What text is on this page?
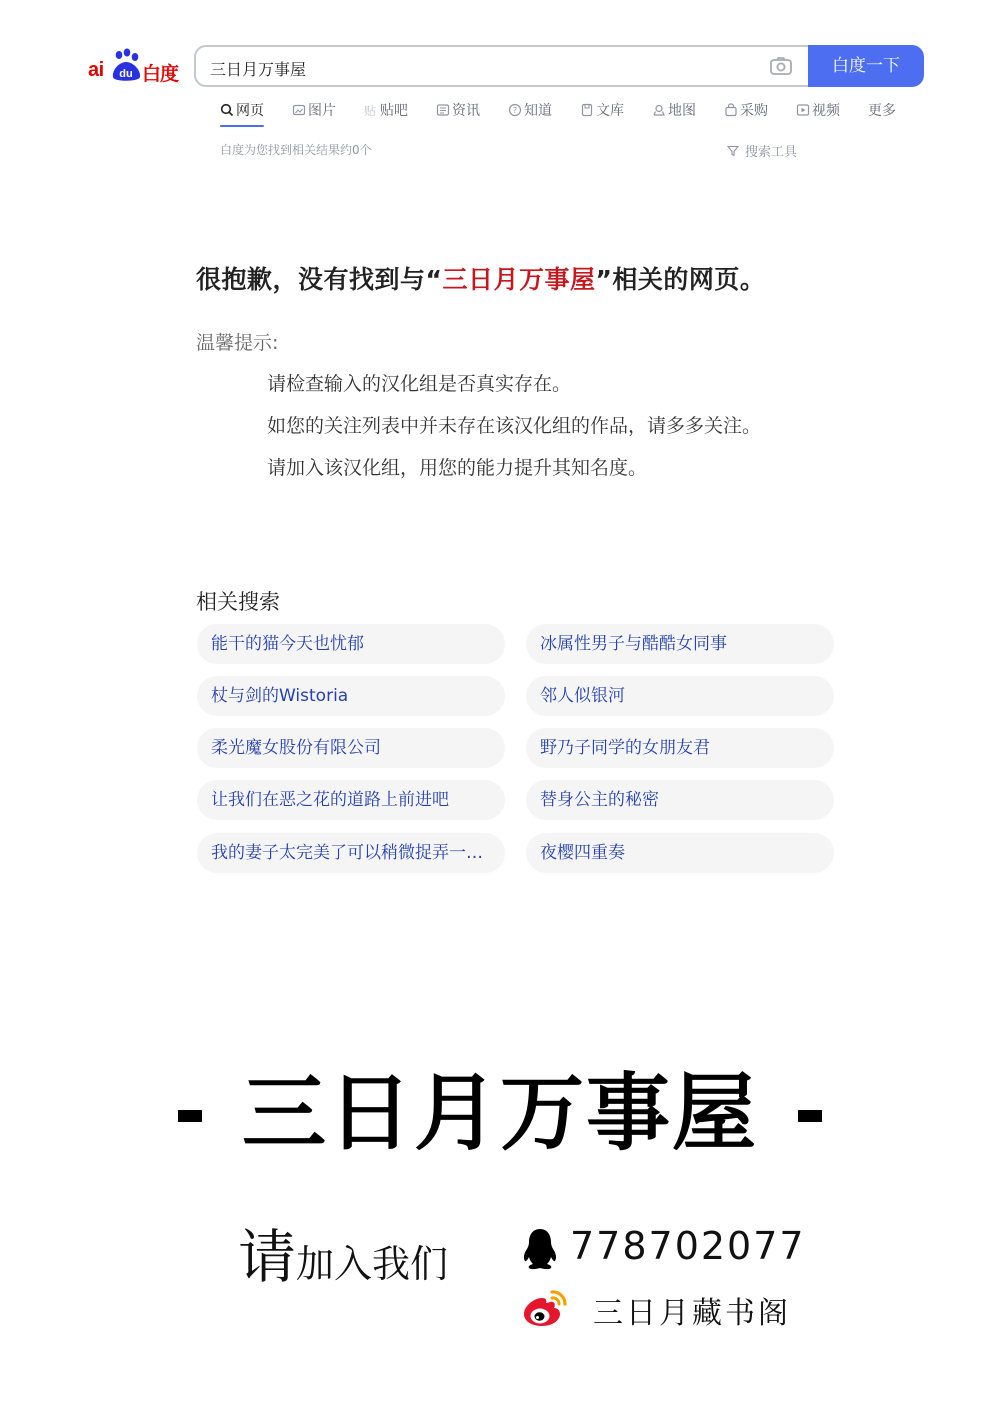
ai du 白度 三日月万事屋	白度一下
网页	图片 贴 贴吧	资讯	? 知道	文库	地图	采购	视频 更多
白度为您找到相关结果约0个	搜索工具
很抱歉，没有找到与“三日月万事屋”相关的网页。
温馨提示:
请检查输入的汉化组是否真实存在。
如您的关注列表中并未存在该汉化组的作品，请多多关注。
请加入该汉化组，用您的能力提升其知名度。
相关搜索
能干的猫今天也忧郁	冰属性男子与酷酷女同事
杖与剑的Wistoria	邻人似银河
柔光魔女股份有限公司	野乃子同学的女朋友君
让我们在恶之花的道路上前进吧	替身公主的秘密
我的妻子太完美了可以稍微捉弄一…	夜樱四重奏
三日月万事屋
请加入我们	778702077
三日月藏书阁
